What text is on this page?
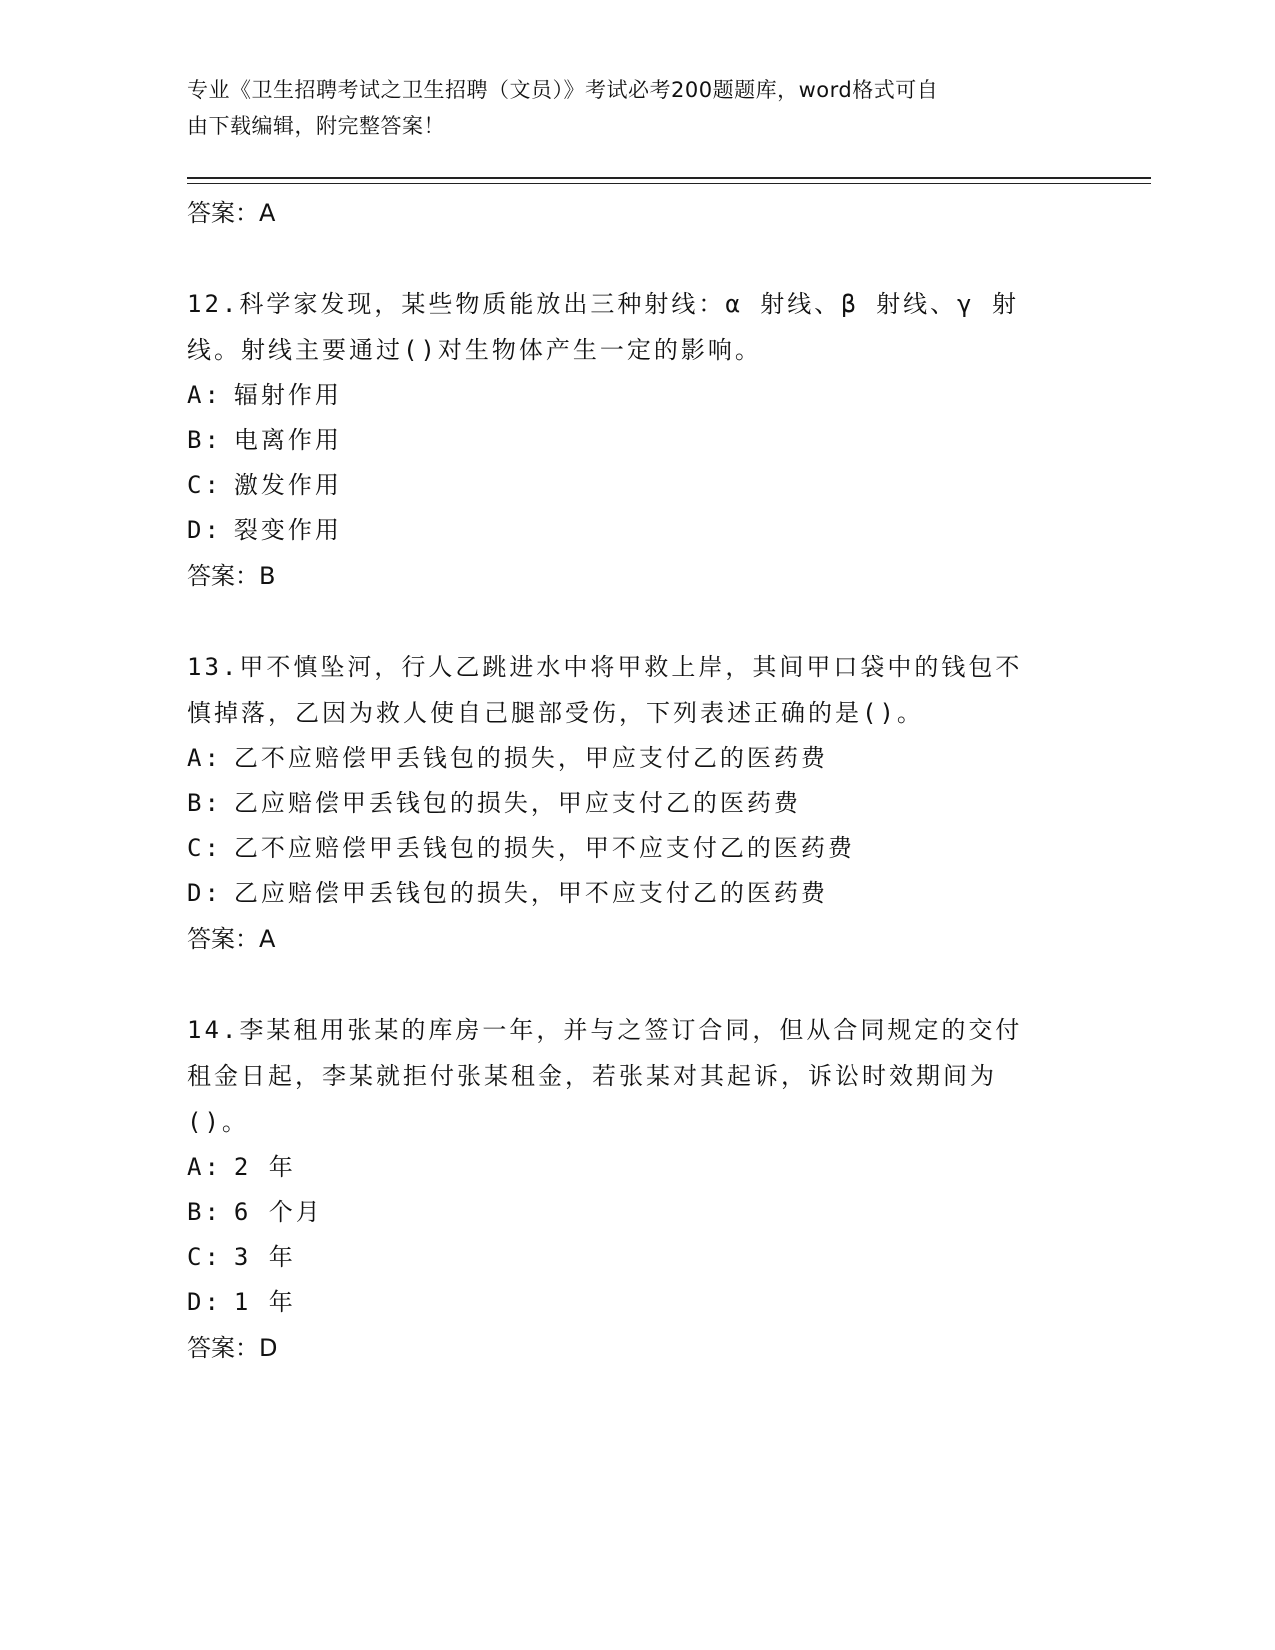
专业《卫生招聘考试之卫生招聘（文员）》考试必考200题题库，word格式可自
由下载编辑，附完整答案！
答案：A
12.科学家发现，某些物质能放出三种射线：α 射线、β 射线、γ 射
线。射线主要通过()对生物体产生一定的影响。
A: 辐射作用
B: 电离作用
C: 激发作用
D: 裂变作用
答案：B
13.甲不慎坠河，行人乙跳进水中将甲救上岸，其间甲口袋中的钱包不
慎掉落，乙因为救人使自己腿部受伤，下列表述正确的是()。
A: 乙不应赔偿甲丢钱包的损失，甲应支付乙的医药费
B: 乙应赔偿甲丢钱包的损失，甲应支付乙的医药费
C: 乙不应赔偿甲丢钱包的损失，甲不应支付乙的医药费
D: 乙应赔偿甲丢钱包的损失，甲不应支付乙的医药费
答案：A
14.李某租用张某的库房一年，并与之签订合同，但从合同规定的交付
租金日起，李某就拒付张某租金，若张某对其起诉，诉讼时效期间为
()。
A: 2 年
B: 6 个月
C: 3 年
D: 1 年
答案：D
